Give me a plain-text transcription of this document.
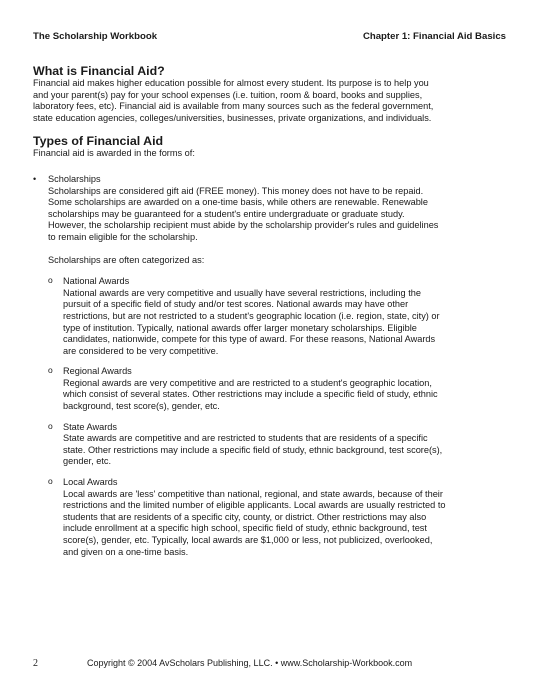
The Scholarship Workbook	Chapter 1: Financial Aid Basics
What is Financial Aid?

Financial aid makes higher education possible for almost every student. Its purpose is to help you
and your parent(s) pay for your school expenses (i.e. tuition, room & board, books and supplies,
laboratory fees, etc). Financial aid is available from many sources such as the federal government,
state education agencies, colleges/universities, businesses, private organizations, and individuals.

Types of Financial Aid

Financial aid is awarded in the forms of:

• Scholarships

Scholarships are considered gift aid (FREE money). This money does not have to be repaid.
Some scholarships are awarded on a one-time basis, while others are renewable. Renewable
scholarships may be guaranteed for a student's entire undergraduate or graduate study.
However, the scholarship recipient must abide by the scholarship provider's rules and guidelines
to remain eligible for the scholarship.

Scholarships are often categorized as:

o National Awards

National awards are very competitive and usually have several restrictions, including the
pursuit of a specific field of study and/or test scores. National awards may have other
restrictions, but are not restricted to a student's geographic location (i.e. region, state, city) or
type of institution. Typically, national awards offer larger monetary scholarships. Eligible
candidates, nationwide, compete for this type of award. For these reasons, National Awards
are considered to be very competitive.

o Regional Awards

Regional awards are very competitive and are restricted to a student's geographic location,
which consist of several states. Other restrictions may include a specific field of study, ethnic
background, test score(s), gender, etc.

o State Awards

State awards are competitive and are restricted to students that are residents of a specific
state. Other restrictions may include a specific field of study, ethnic background, test score(s),
gender, etc.

o Local Awards

Local awards are 'less' competitive than national, regional, and state awards, because of their
restrictions and the limited number of eligible applicants. Local awards are usually restricted to
students that are residents of a specific city, county, or district. Other restrictions may also
include enrollment at a specific high school, specific field of study, ethnic background, test
score(s), gender, etc. Typically, local awards are $1,000 or less, not publicized, overlooked,
and given on a one-time basis.

2	Copyright © 2004 AvScholars Publishing, LLC. • www.Scholarship-Workbook.com
